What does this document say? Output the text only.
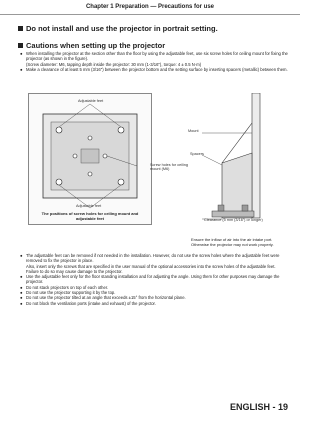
Chapter 1 Preparation — Precautions for use
Do not install and use the projector in portrait setting.
Cautions when setting up the projector
● When installing the projector at the section other than the floor by using the adjustable feet, use six screw holes for ceiling mount for fixing the projector (as shown in the figure).

(Screw diameter: M6, tapping depth inside the projector: 30 mm (1-3/16"), torque: 4 ± 0.5 N·m)

● Make a clearance of at least 5 mm (3/16") between the projector bottom and the setting surface by inserting spacers (metallic) between them.

Adjustable feet
Screw holes for ceiling mount (M6)
Adjustable feet
The positions of screw holes for ceiling mount and adjustable feet
Mount
Spacers
Clearance (5 mm (3/16") or longer)
Ensure the inflow of air into the air intake port. Otherwise the projector may not work properly.
● The adjustable feet can be removed if not needed in the installation. However, do not use the screw holes where the adjustable feet were removed to fix the projector in place.

Also, insert only the screws that are specified in the user manual of the optional accessories into the screw holes of the adjustable feet. Failure to do so may cause damage to the projector.

● Use the adjustable feet only for the floor standing installation and for adjusting the angle. Using them for other purposes may damage the projector.

● Do not stack projectors on top of each other.

● Do not use the projector supporting it by the top.

● Do not use the projector tilted at an angle that exceeds ±15° from the horizontal plane.

● Do not block the ventilation ports (intake and exhaust) of the projector.

ENGLISH - 19
